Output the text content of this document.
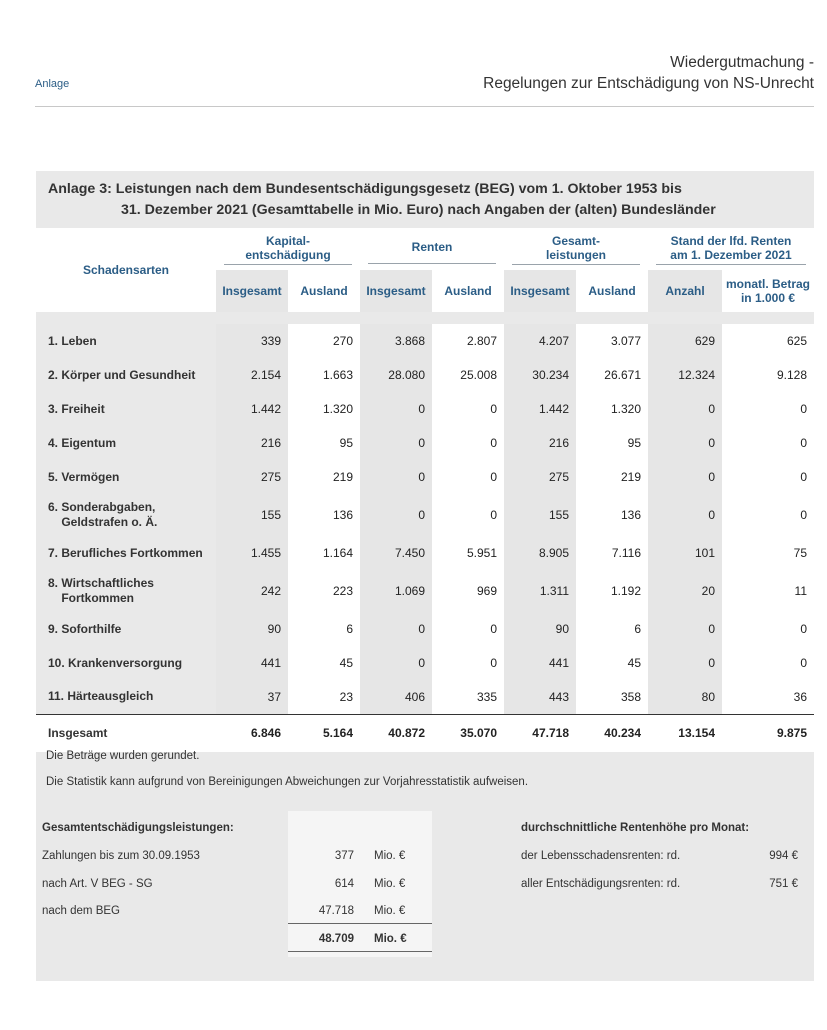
Anlage
Wiedergutmachung -
Regelungen zur Entschädigung von NS-Unrecht
Anlage 3: Leistungen nach dem Bundesentschädigungsgesetz (BEG) vom 1. Oktober 1953 bis
31. Dezember 2021 (Gesamttabelle in Mio. Euro) nach Angaben der (alten) Bundesländer
Schadensarten	Kapital-
entschädigung		Renten		Gesamt-
leistungen		Stand der lfd. Renten
am 1. Dezember 2021	
	Insgesamt	Ausland	Insgesamt	Ausland	Insgesamt	Ausland	Anzahl	monatl. Betrag
in 1.000 €

1. Leben	339	270	3.868	2.807	4.207	3.077	629	625
2. Körper und Gesundheit	2.154	1.663	28.080	25.008	30.234	26.671	12.324	9.128
3. Freiheit	1.442	1.320	0	0	1.442	1.320	0	0
4. Eigentum	216	95	0	0	216	95	0	0
5. Vermögen	275	219	0	0	275	219	0	0
6. Sonderabgaben,
Geldstrafen o. Ä.	155	136	0	0	155	136	0	0
7. Berufliches Fortkommen	1.455	1.164	7.450	5.951	8.905	7.116	101	75
8. Wirtschaftliches
Fortkommen	242	223	1.069	969	1.311	1.192	20	11
9. Soforthilfe	90	6	0	0	90	6	0	0
10. Krankenversorgung	441	45	0	0	441	45	0	0
11. Härteausgleich	37	23	406	335	443	358	80	36
Insgesamt	6.846	5.164	40.872	35.070	47.718	40.234	13.154	9.875
Die Beträge wurden gerundet.
Die Statistik kann aufgrund von Bereinigungen Abweichungen zur Vorjahresstatistik aufweisen.
Gesamtentschädigungsleistungen:	durchschnittliche Rentenhöhe pro Monat:
Zahlungen bis zum 30.09.1953	377 Mio. €
nach Art. V BEG - SG	614 Mio. €
nach dem BEG	47.718 Mio. €
48.709 Mio. €
der Lebensschadensrenten: rd.	994 €
aller Entschädigungsrenten: rd.	751 €
